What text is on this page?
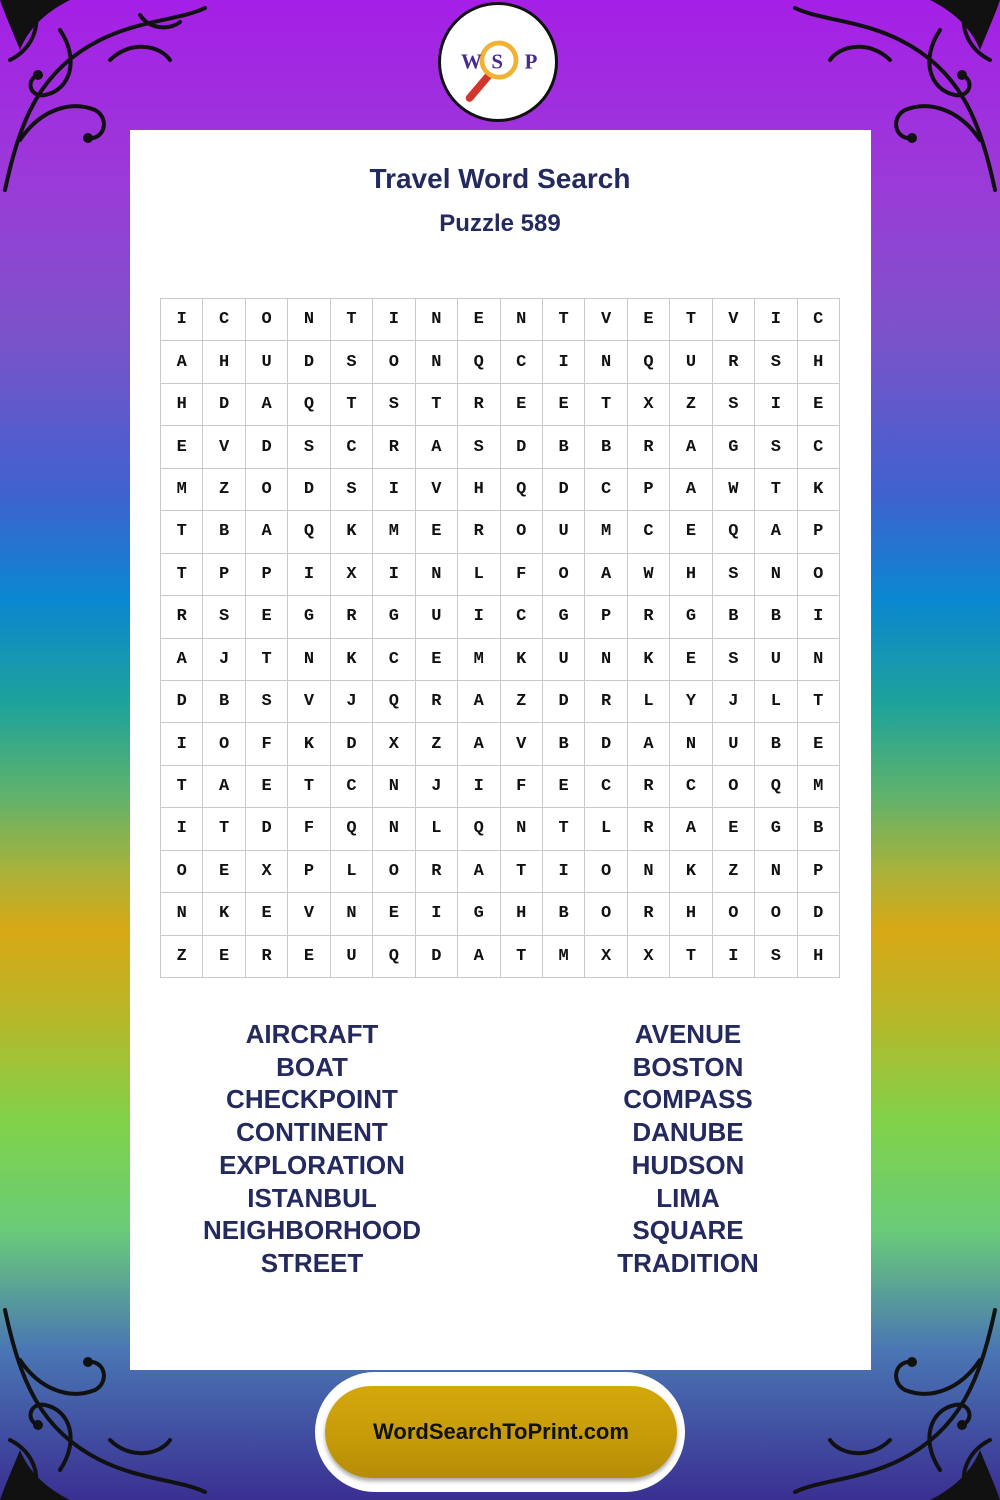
W S P
Travel Word Search
Puzzle 589
I	C	O	N	T	I	N	E	N	T	V	E	T	V	I	C
A	H	U	D	S	O	N	Q	C	I	N	Q	U	R	S	H
H	D	A	Q	T	S	T	R	E	E	T	X	Z	S	I	E
E	V	D	S	C	R	A	S	D	B	B	R	A	G	S	C
M	Z	O	D	S	I	V	H	Q	D	C	P	A	W	T	K
T	B	A	Q	K	M	E	R	O	U	M	C	E	Q	A	P
T	P	P	I	X	I	N	L	F	O	A	W	H	S	N	O
R	S	E	G	R	G	U	I	C	G	P	R	G	B	B	I
A	J	T	N	K	C	E	M	K	U	N	K	E	S	U	N
D	B	S	V	J	Q	R	A	Z	D	R	L	Y	J	L	T
I	O	F	K	D	X	Z	A	V	B	D	A	N	U	B	E
T	A	E	T	C	N	J	I	F	E	C	R	C	O	Q	M
I	T	D	F	Q	N	L	Q	N	T	L	R	A	E	G	B
O	E	X	P	L	O	R	A	T	I	O	N	K	Z	N	P
N	K	E	V	N	E	I	G	H	B	O	R	H	O	O	D
Z	E	R	E	U	Q	D	A	T	M	X	X	T	I	S	H
AIRCRAFT
BOAT
CHECKPOINT
CONTINENT
EXPLORATION
ISTANBUL
NEIGHBORHOOD
STREET
AVENUE
BOSTON
COMPASS
DANUBE
HUDSON
LIMA
SQUARE
TRADITION
WordSearchToPrint.com
